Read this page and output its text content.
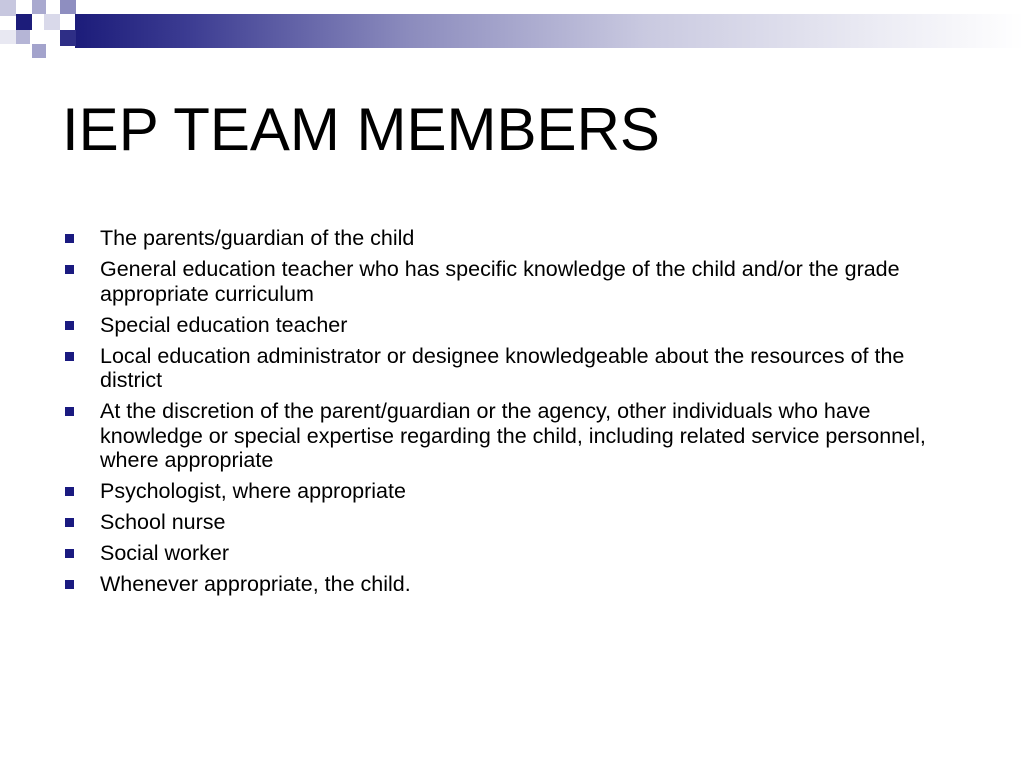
IEP TEAM MEMBERS
The parents/guardian of the child
General education teacher who has specific knowledge of the child and/or the grade appropriate curriculum
Special education teacher
Local education administrator or designee knowledgeable about the resources of the district
At the discretion of the parent/guardian or the agency, other individuals who have knowledge or special expertise regarding the child, including related service personnel, where appropriate
Psychologist, where appropriate
School nurse
Social worker
Whenever appropriate, the child.
